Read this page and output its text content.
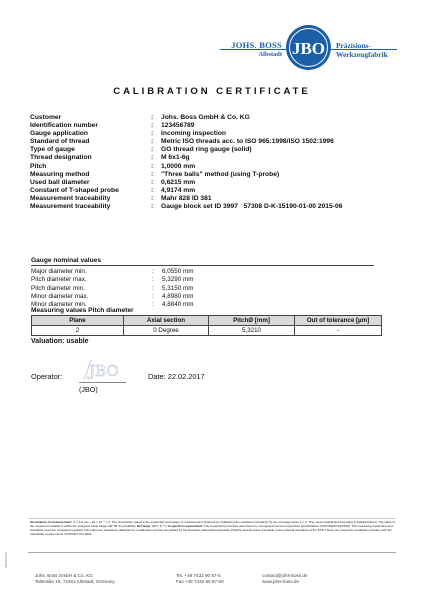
JOHS. BOSS
Albstadt JBO Präzisions-
Werkzeugfabrik
CALIBRATION CERTIFICATE
Customer	:	Johs. Boss GmbH & Co. KG
Identification number	:	123456789
Gauge application	:	Incoming inspection
Standard of thread	:	Metric ISO threads acc. to ISO 965:1998/ISO 1502:1996
Type of gauge	:	GO thread ring gauge (solid)
Thread designation	:	M 6x1-6g
Pitch	:	1,0000 mm
Measuring method	:	"Three balls" method (using T-probe)
Used ball diameter	:	0,6215 mm
Constant of T-shaped probe	:	4,9174 mm
Measurement traceability	:	Mahr 828 ID 381
Measurement traceability	:	Gauge block set ID 3997   57308 D-K-15190-01-00 2015-06
Gauge nominal values
Major diameter min.	:	6,0550 mm
Pitch diameter max.	:	5,3290 mm
Pitch diameter min.	:	5,3150 mm
Minor diameter max.	:	4,8980 mm
Minor diameter min.	:	4,8840 mm
Measuring values Pitch diameter
Plane	Axial section	PitchØ [mm]	Out of tolerance [µm]
2	0 Degree	5,3210	-
Valuation: usable
Operator: JBO
(JBO)
Date: 22.02.2017
Uncertainty of measurement: U = 2-3 µm + 10 × 10⁻⁶ × d. The uncertainty stated is the expanded uncertainty of measurement obtained by multiplying the standard uncertainty by the coverage factor k = 2. They were established according to DAkkS-DKD-3. The value of the measured variable is within the assigned value range with 95 % probability. Ref.temp: (20 ± 1) °C. Inspection requirement: The inspection procedure was based on recognised German inspection specifications (VDI/VDE/DGQ/2618). The measuring equipment and standards used are compared regularly with reference standards calibrated by a calibration service accredited by the Deutsche Akkreditierungsstelle (DAkkS) and therefore traceable to the national standards of the PTB. Hence the inspection certificate complies with the traceability requirements of DIN EN ISO 9001.
GB-08-2016
Johs. Boss GmbH & Co. KG
Talstraße 19, 72461 Albstadt, Germany
Tel. +49 7432 90 87-0
Fax +49 7432 90 87-60
contact@johs-boss.de
www.johs-boss.de
